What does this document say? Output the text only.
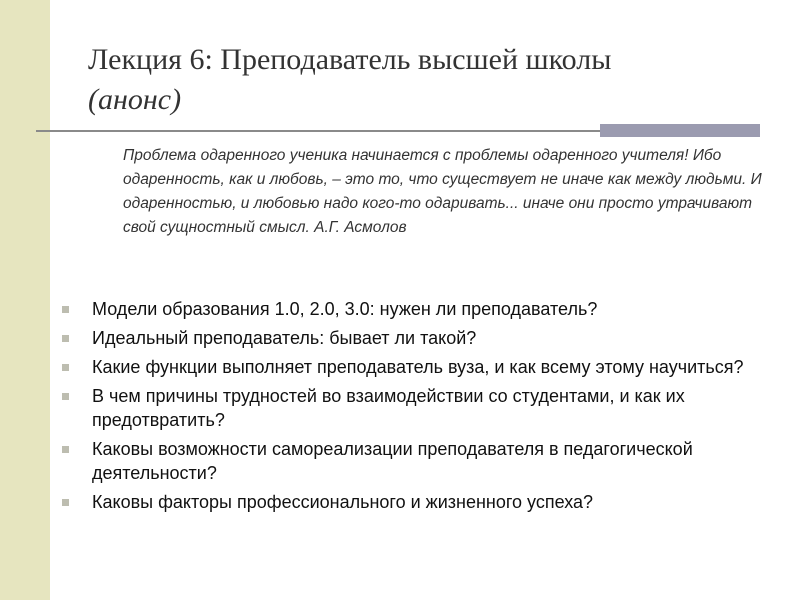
Лекция 6: Преподаватель высшей школы
(анонс)

Проблема одаренного ученика начинается с проблемы одаренного учителя! Ибо одаренность, как и любовь, – это то, что существует не иначе как между людьми. И одаренностью, и любовью надо кого-то одаривать... иначе они просто утрачивают свой сущностный смысл. А.Г. Асмолов

Модели образования 1.0, 2.0, 3.0: нужен ли преподаватель?
Идеальный преподаватель: бывает ли такой?
Какие функции выполняет преподаватель вуза, и как всему этому научиться?
В чем причины трудностей во взаимодействии со студентами, и как их предотвратить?
Каковы возможности самореализации преподавателя в педагогической деятельности?
Каковы факторы профессионального и жизненного успеха?
